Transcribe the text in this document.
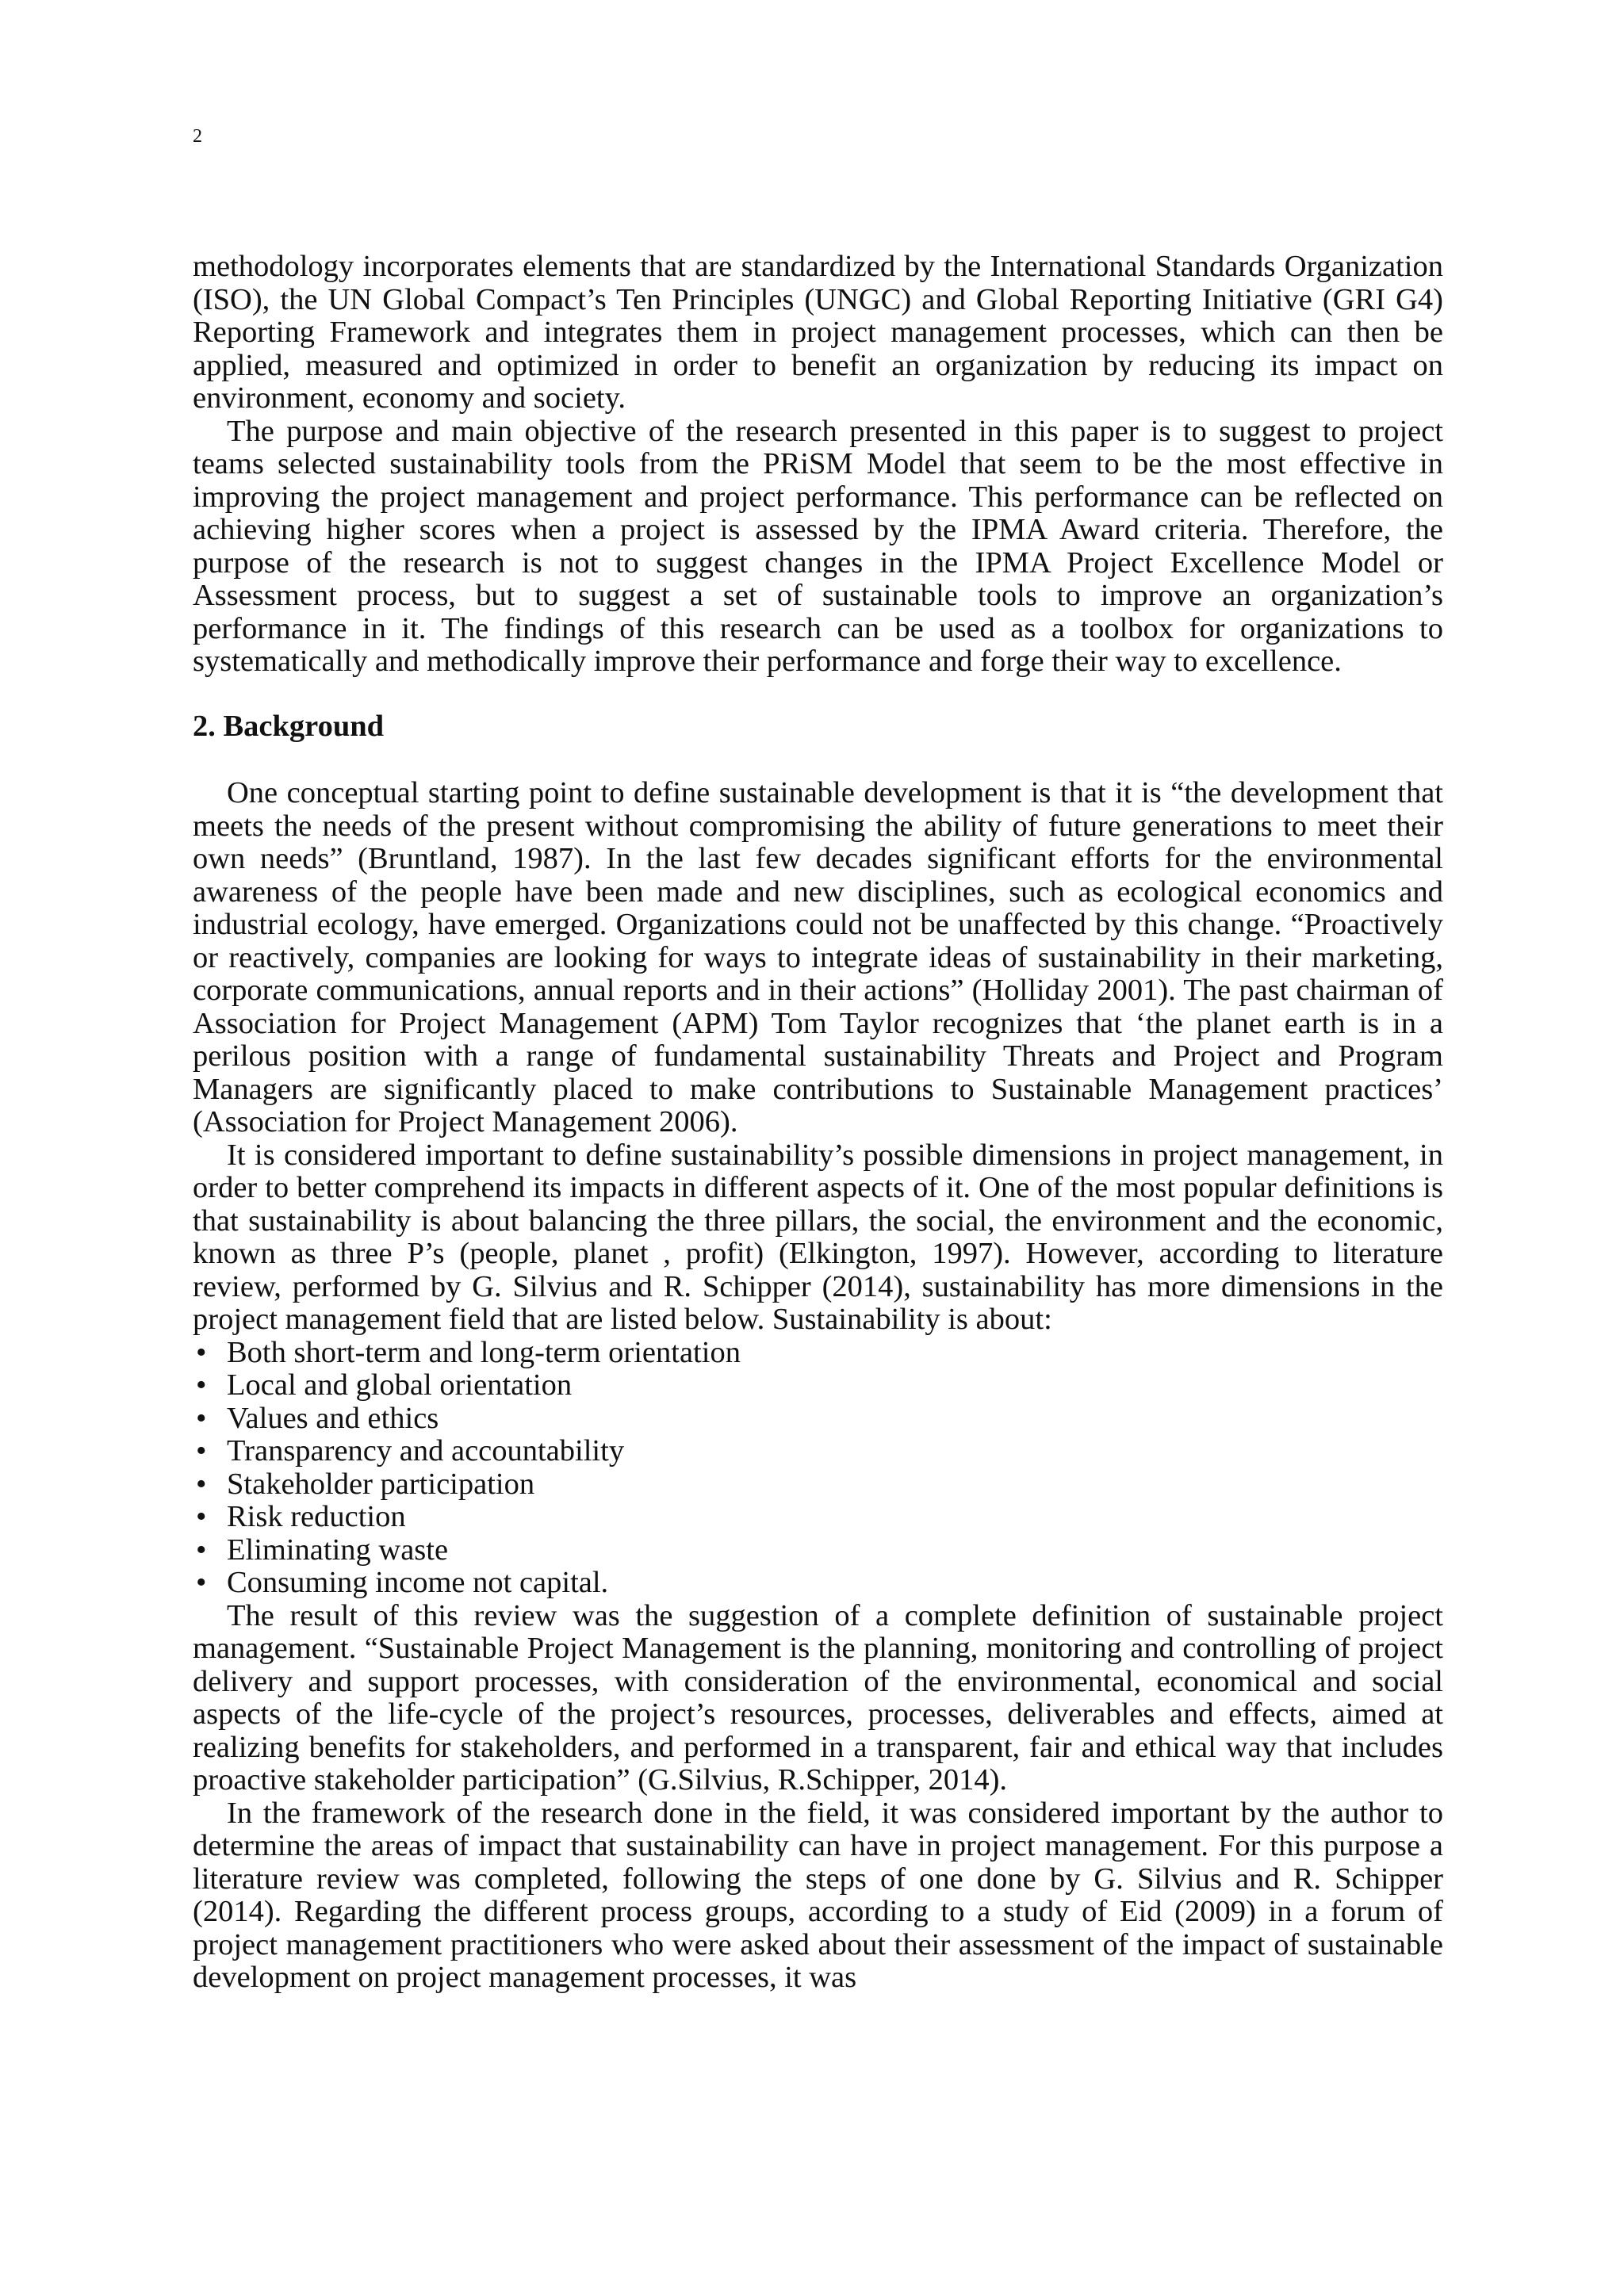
2

methodology incorporates elements that are standardized by the International Standards Organization (ISO), the UN Global Compact’s Ten Principles (UNGC) and Global Reporting Initiative (GRI G4) Reporting Framework and integrates them in project management processes, which can then be applied, measured and optimized in order to benefit an organization by reducing its impact on environment, economy and society.

The purpose and main objective of the research presented in this paper is to suggest to project teams selected sustainability tools from the PRiSM Model that seem to be the most effective in improving the project management and project performance. This performance can be reflected on achieving higher scores when a project is assessed by the IPMA Award criteria. Therefore, the purpose of the research is not to suggest changes in the IPMA Project Excellence Model or Assessment process, but to suggest a set of sustainable tools to improve an organization’s performance in it. The findings of this research can be used as a toolbox for organizations to systematically and methodically improve their performance and forge their way to excellence.

2. Background

One conceptual starting point to define sustainable development is that it is “the development that meets the needs of the present without compromising the ability of future generations to meet their own needs” (Bruntland, 1987). In the last few decades significant efforts for the environmental awareness of the people have been made and new disciplines, such as ecological economics and industrial ecology, have emerged. Organizations could not be unaffected by this change. “Proactively or reactively, companies are looking for ways to integrate ideas of sustainability in their marketing, corporate communications, annual reports and in their actions” (Holliday 2001). The past chairman of Association for Project Management (APM) Tom Taylor recognizes that ‘the planet earth is in a perilous position with a range of fundamental sustainability Threats and Project and Program Managers are significantly placed to make contributions to Sustainable Management practices’ (Association for Project Management 2006).

It is considered important to define sustainability’s possible dimensions in project management, in order to better comprehend its impacts in different aspects of it. One of the most popular definitions is that sustainability is about balancing the three pillars, the social, the environment and the economic, known as three P’s (people, planet , profit) (Elkington, 1997). However, according to literature review, performed by G. Silvius and R. Schipper (2014), sustainability has more dimensions in the project management field that are listed below. Sustainability is about:

• Both short-term and long-term orientation
• Local and global orientation
• Values and ethics
• Transparency and accountability
• Stakeholder participation
• Risk reduction
• Eliminating waste
• Consuming income not capital.

The result of this review was the suggestion of a complete definition of sustainable project management. “Sustainable Project Management is the planning, monitoring and controlling of project delivery and support processes, with consideration of the environmental, economical and social aspects of the life-cycle of the project’s resources, processes, deliverables and effects, aimed at realizing benefits for stakeholders, and performed in a transparent, fair and ethical way that includes proactive stakeholder participation” (G.Silvius, R.Schipper, 2014).

In the framework of the research done in the field, it was considered important by the author to determine the areas of impact that sustainability can have in project management. For this purpose a literature review was completed, following the steps of one done by G. Silvius and R. Schipper (2014). Regarding the different process groups, according to a study of Eid (2009) in a forum of project management practitioners who were asked about their assessment of the impact of sustainable development on project management processes, it was
